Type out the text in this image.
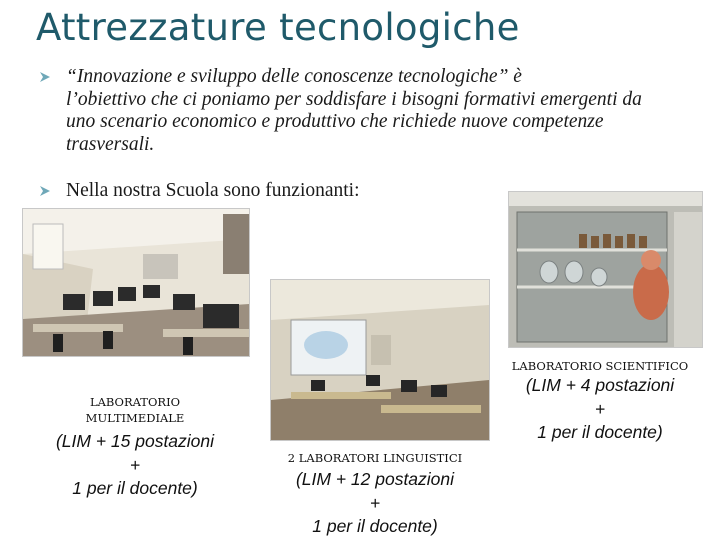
Attrezzature tecnologiche
“Innovazione e sviluppo delle conoscenze tecnologiche” è
l’obiettivo che ci poniamo per soddisfare i bisogni formativi emergenti da uno scenario economico e produttivo che richiede nuove competenze trasversali.
Nella nostra Scuola sono funzionanti:
LABORATORIO MULTIMEDIALE
(LIM + 15 postazioni
+
1 per il docente)
2 LABORATORI LINGUISTICI
(LIM + 12 postazioni
+
1 per il docente)
LABORATORIO SCIENTIFICO
(LIM + 4 postazioni
+
1 per il docente)
